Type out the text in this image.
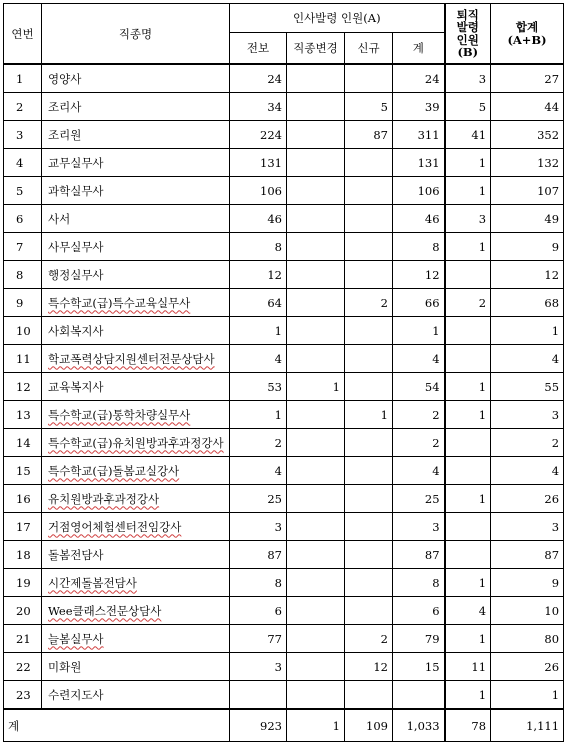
연번	직종명	인사발령 인원(A)				퇴직
발령
인원
(B)	합계
(A+B)
		전보	직종변경	신규	계		
1	영양사	24			24	3	27
2	조리사	34		5	39	5	44
3	조리원	224		87	311	41	352
4	교무실무사	131			131	1	132
5	과학실무사	106			106	1	107
6	사서	46			46	3	49
7	사무실무사	8			8	1	9
8	행정실무사	12			12		12
9	특수학교(급)특수교육실무사	64		2	66	2	68
10	사회복지사	1			1		1
11	학교폭력상담지원센터전문상담사	4			4		4
12	교육복지사	53	1		54	1	55
13	특수학교(급)통학차량실무사	1		1	2	1	3
14	특수학교(급)유치원방과후과정강사	2			2		2
15	특수학교(급)돌봄교실강사	4			4		4
16	유치원방과후과정강사	25			25	1	26
17	거점영어체험센터전임강사	3			3		3
18	돌봄전담사	87			87		87
19	시간제돌봄전담사	8			8	1	9
20	Wee클래스전문상담사	6			6	4	10
21	늘봄실무사	77		2	79	1	80
22	미화원	3		12	15	11	26
23	수련지도사					1	1
계		923	1	109	1,033	78	1,111
